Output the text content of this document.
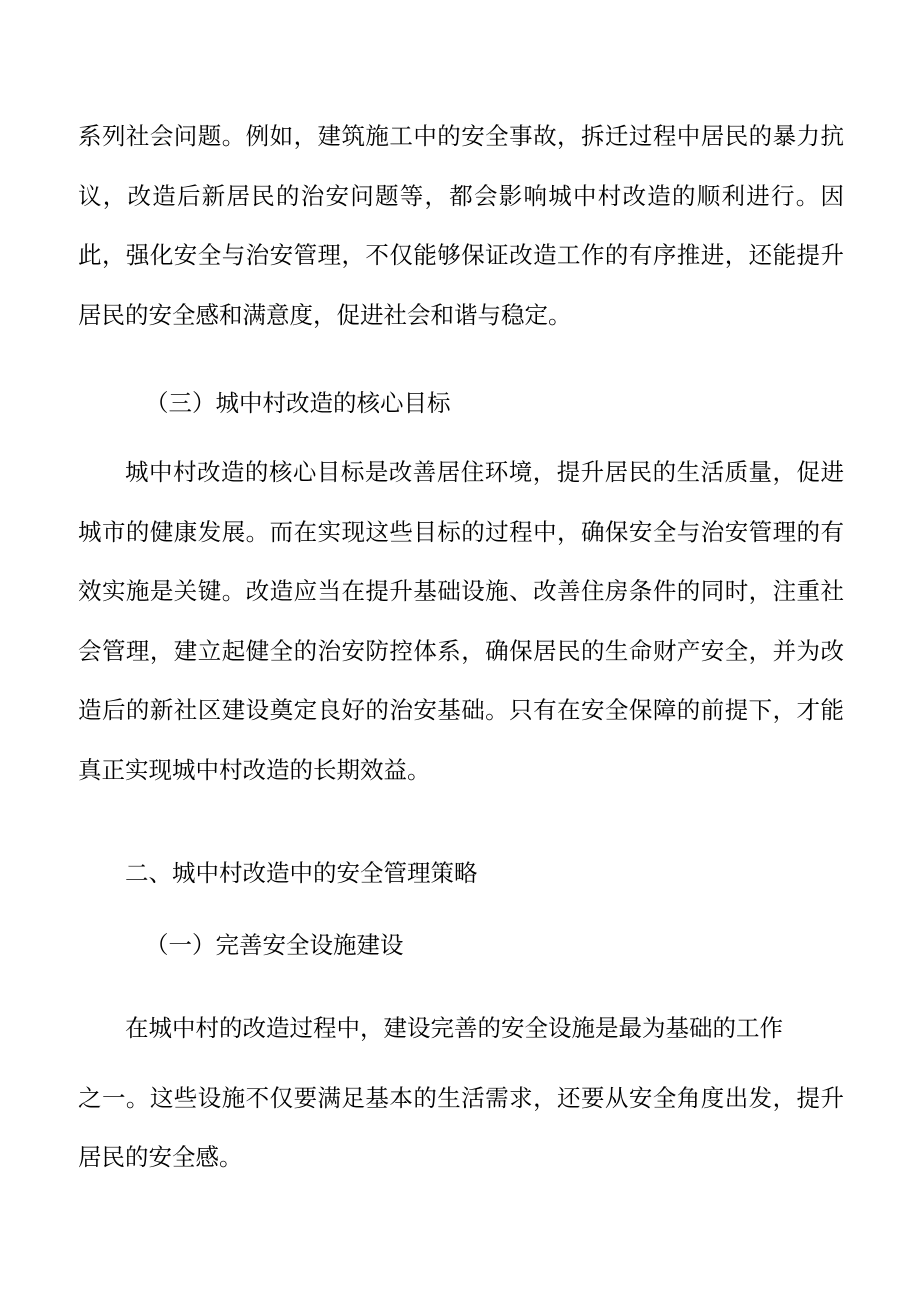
系列社会问题。例如，建筑施工中的安全事故，拆迁过程中居民的暴力抗议，改造后新居民的治安问题等，都会影响城中村改造的顺利进行。因此，强化安全与治安管理，不仅能够保证改造工作的有序推进，还能提升居民的安全感和满意度，促进社会和谐与稳定。

（三）城中村改造的核心目标

城中村改造的核心目标是改善居住环境，提升居民的生活质量，促进城市的健康发展。而在实现这些目标的过程中，确保安全与治安管理的有效实施是关键。改造应当在提升基础设施、改善住房条件的同时，注重社会管理，建立起健全的治安防控体系，确保居民的生命财产安全，并为改造后的新社区建设奠定良好的治安基础。只有在安全保障的前提下，才能真正实现城中村改造的长期效益。

二、城中村改造中的安全管理策略

（一）完善安全设施建设

在城中村的改造过程中，建设完善的安全设施是最为基础的工作

之一。这些设施不仅要满足基本的生活需求，还要从安全角度出发，提升居民的安全感。
